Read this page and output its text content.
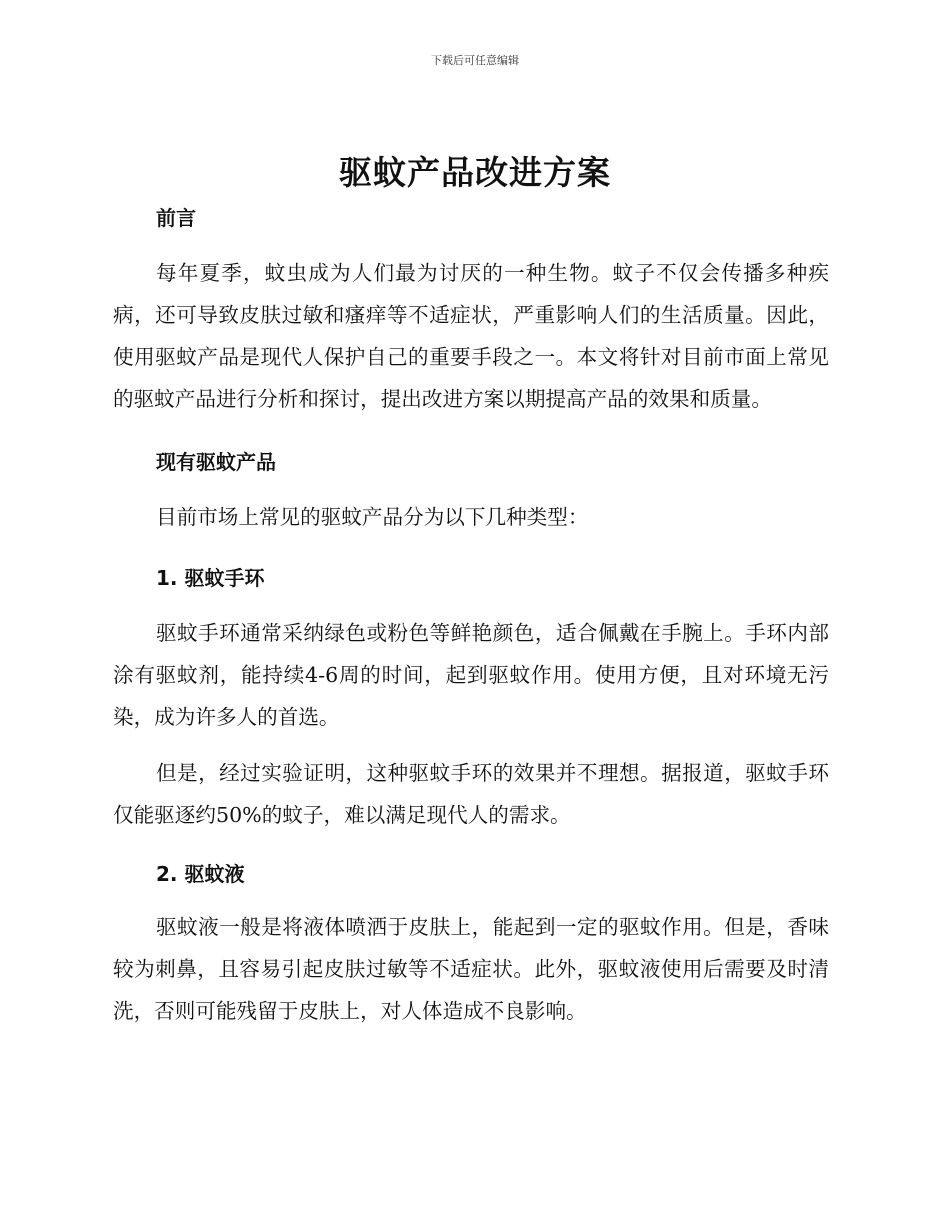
下载后可任意编辑
驱蚊产品改进方案
前言

每年夏季，蚊虫成为人们最为讨厌的一种生物。蚊子不仅会传播多种疾病，还可导致皮肤过敏和瘙痒等不适症状，严重影响人们的生活质量。因此，使用驱蚊产品是现代人保护自己的重要手段之一。本文将针对目前市面上常见的驱蚊产品进行分析和探讨，提出改进方案以期提高产品的效果和质量。

现有驱蚊产品

目前市场上常见的驱蚊产品分为以下几种类型：

1. 驱蚊手环

驱蚊手环通常采纳绿色或粉色等鲜艳颜色，适合佩戴在手腕上。手环内部涂有驱蚊剂，能持续4-6周的时间，起到驱蚊作用。使用方便，且对环境无污染，成为许多人的首选。

但是，经过实验证明，这种驱蚊手环的效果并不理想。据报道，驱蚊手环仅能驱逐约50%的蚊子，难以满足现代人的需求。

2. 驱蚊液

驱蚊液一般是将液体喷洒于皮肤上，能起到一定的驱蚊作用。但是，香味较为刺鼻，且容易引起皮肤过敏等不适症状。此外，驱蚊液使用后需要及时清洗，否则可能残留于皮肤上，对人体造成不良影响。
